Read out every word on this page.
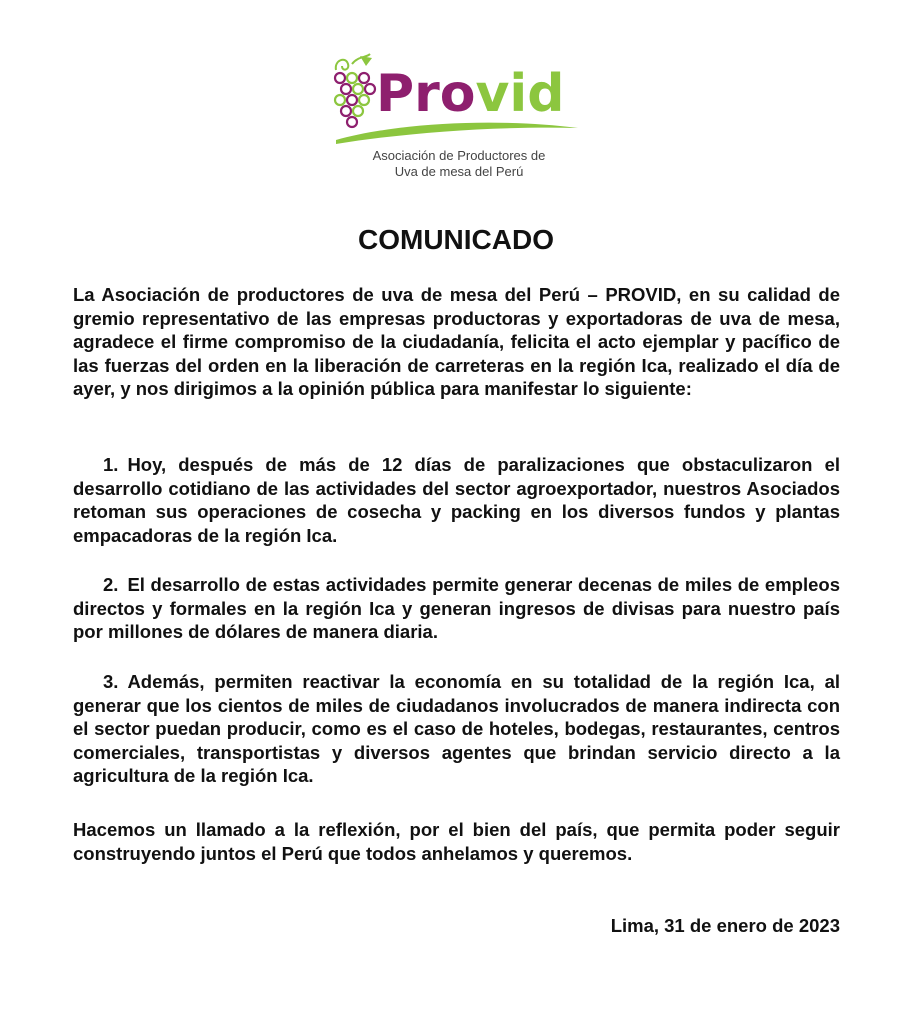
Provid
Asociación de Productores de
Uva de mesa del Perú
COMUNICADO

La Asociación de productores de uva de mesa del Perú – PROVID, en su calidad de gremio representativo de las empresas productoras y exportadoras de uva de mesa, agradece el firme compromiso de la ciudadanía, felicita el acto ejemplar y pacífico de las fuerzas del orden en la liberación de carreteras en la región Ica, realizado el día de ayer, y nos dirigimos a la opinión pública para manifestar lo siguiente:

1. Hoy, después de más de 12 días de paralizaciones que obstaculizaron el desarrollo cotidiano de las actividades del sector agroexportador, nuestros Asociados retoman sus operaciones de cosecha y packing en los diversos fundos y plantas empacadoras de la región Ica.

2. El desarrollo de estas actividades permite generar decenas de miles de empleos directos y formales en la región Ica y generan ingresos de divisas para nuestro país por millones de dólares de manera diaria.

3. Además, permiten reactivar la economía en su totalidad de la región Ica, al generar que los cientos de miles de ciudadanos involucrados de manera indirecta con el sector puedan producir, como es el caso de hoteles, bodegas, restaurantes, centros comerciales, transportistas y diversos agentes que brindan servicio directo a la agricultura de la región Ica.

Hacemos un llamado a la reflexión, por el bien del país, que permita poder seguir construyendo juntos el Perú que todos anhelamos y queremos.

Lima, 31 de enero de 2023
